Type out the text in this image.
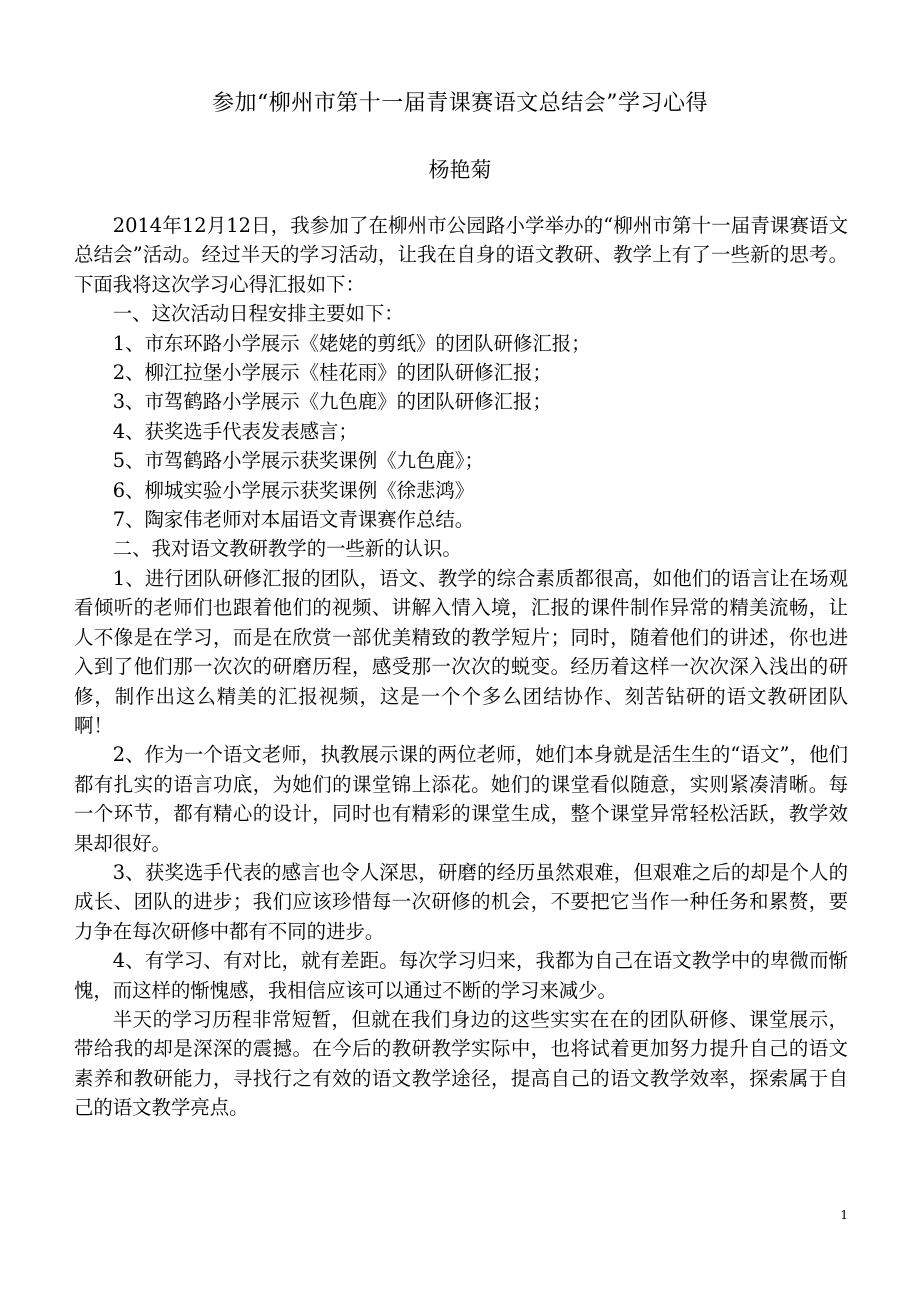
参加“柳州市第十一届青课赛语文总结会”学习心得
杨艳菊

2014年12月12日，我参加了在柳州市公园路小学举办的“柳州市第十一届青课赛语文总结会”活动。经过半天的学习活动，让我在自身的语文教研、教学上有了一些新的思考。下面我将这次学习心得汇报如下：

一、这次活动日程安排主要如下：

1、市东环路小学展示《姥姥的剪纸》的团队研修汇报；

2、柳江拉堡小学展示《桂花雨》的团队研修汇报；

3、市驾鹤路小学展示《九色鹿》的团队研修汇报；

4、获奖选手代表发表感言；

5、市驾鹤路小学展示获奖课例《九色鹿》；

6、柳城实验小学展示获奖课例《徐悲鸿》

7、陶家伟老师对本届语文青课赛作总结。

二、我对语文教研教学的一些新的认识。

1、进行团队研修汇报的团队，语文、教学的综合素质都很高，如他们的语言让在场观看倾听的老师们也跟着他们的视频、讲解入情入境，汇报的课件制作异常的精美流畅，让人不像是在学习，而是在欣赏一部优美精致的教学短片；同时，随着他们的讲述，你也进入到了他们那一次次的研磨历程，感受那一次次的蜕变。经历着这样一次次深入浅出的研修，制作出这么精美的汇报视频，这是一个个多么团结协作、刻苦钻研的语文教研团队啊！

2、作为一个语文老师，执教展示课的两位老师，她们本身就是活生生的“语文”，他们都有扎实的语言功底，为她们的课堂锦上添花。她们的课堂看似随意，实则紧凑清晰。每一个环节，都有精心的设计，同时也有精彩的课堂生成，整个课堂异常轻松活跃，教学效果却很好。

3、获奖选手代表的感言也令人深思，研磨的经历虽然艰难，但艰难之后的却是个人的成长、团队的进步；我们应该珍惜每一次研修的机会，不要把它当作一种任务和累赘，要力争在每次研修中都有不同的进步。

4、有学习、有对比，就有差距。每次学习归来，我都为自己在语文教学中的卑微而惭愧，而这样的惭愧感，我相信应该可以通过不断的学习来减少。

半天的学习历程非常短暂，但就在我们身边的这些实实在在的团队研修、课堂展示，带给我的却是深深的震撼。在今后的教研教学实际中，也将试着更加努力提升自己的语文素养和教研能力，寻找行之有效的语文教学途径，提高自己的语文教学效率，探索属于自己的语文教学亮点。

1
